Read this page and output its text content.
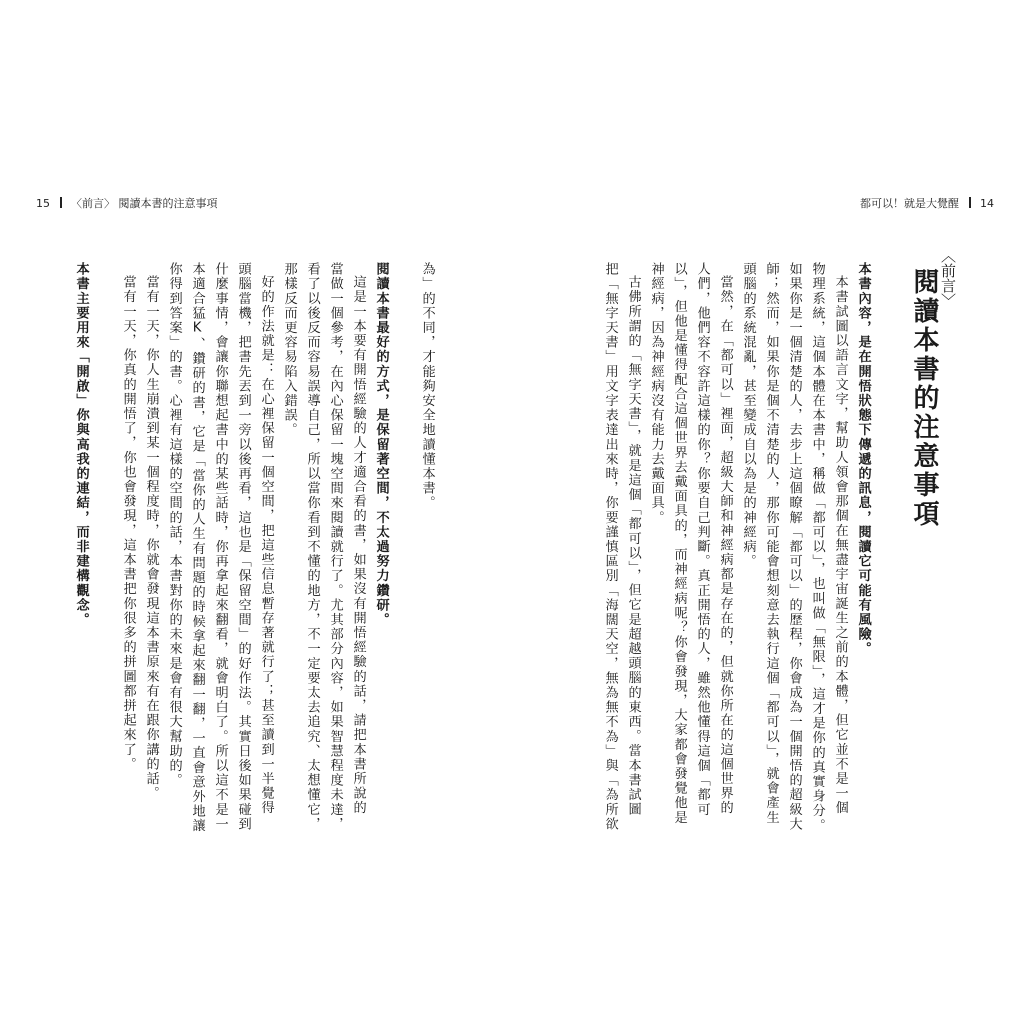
15 〈前言〉 閱讀本書的注意事項	都可以！就是大覺醒 14
〈前言〉
閱讀本書的注意事項
本書內容，是在開悟狀態下傳遞的訊息，閱讀它可能有風險。
本書試圖以語言文字，幫助人領會那個在無盡宇宙誕生之前的本體，但它並不是一個
物理系統，這個本體在本書中，稱做「都可以」，也叫做「無限」，這才是你的真實身分。
如果你是一個清楚的人，去步上這個瞭解「都可以」的歷程，你會成為一個開悟的超級大
師；然而，如果你是個不清楚的人，那你可能會想刻意去執行這個「都可以」，就會產生
頭腦的系統混亂，甚至變成自以為是的神經病。
當然，在「都可以」裡面，超級大師和神經病都是存在的，但就你所在的這個世界的
人們，他們容不容許這樣的你？你要自己判斷。真正開悟的人，雖然他懂得這個「都可
以」，但他是懂得配合這個世界去戴面具的，而神經病呢？你會發現，大家都會發覺他是
神經病，因為神經病沒有能力去戴面具。
古佛所謂的「無字天書」，就是這個「都可以」，但它是超越頭腦的東西。當本書試圖
把「無字天書」用文字表達出來時，你要謹慎區別「海闊天空，無為無不為」與「為所欲
為」的不同，才能夠安全地讀懂本書。
閱讀本書最好的方式，是保留著空間，不太過努力鑽研。
這是一本要有開悟經驗的人才適合看的書，如果沒有開悟經驗的話，請把本書所說的
當做一個參考，在內心保留一塊空間來閱讀就行了。尤其部分內容，如果智慧程度未達，
看了以後反而容易誤導自己，所以當你看到不懂的地方，不一定要太去追究、太想懂它，
那樣反而更容易陷入錯誤。
好的作法就是：在心裡保留一個空間，把這些信息暫存著就行了；甚至讀到一半覺得
頭腦當機，把書先丟到一旁以後再看，這也是「保留空間」的好作法。其實日後如果碰到
什麼事情，會讓你聯想起書中的某些話時，你再拿起來翻看，就會明白了。所以這不是一
本適合猛K、鑽研的書，它是「當你的人生有問題的時候拿起來翻一翻，一直會意外地讓
你得到答案」的書。心裡有這樣的空間的話，本書對你的未來是會有很大幫助的。
當有一天，你人生崩潰到某一個程度時，你就會發現這本書原來有在跟你講的話。
當有一天，你真的開悟了，你也會發現，這本書把你很多的拼圖都拼起來了。
本書主要用來「開啟」你與高我的連結，而非建構觀念。
